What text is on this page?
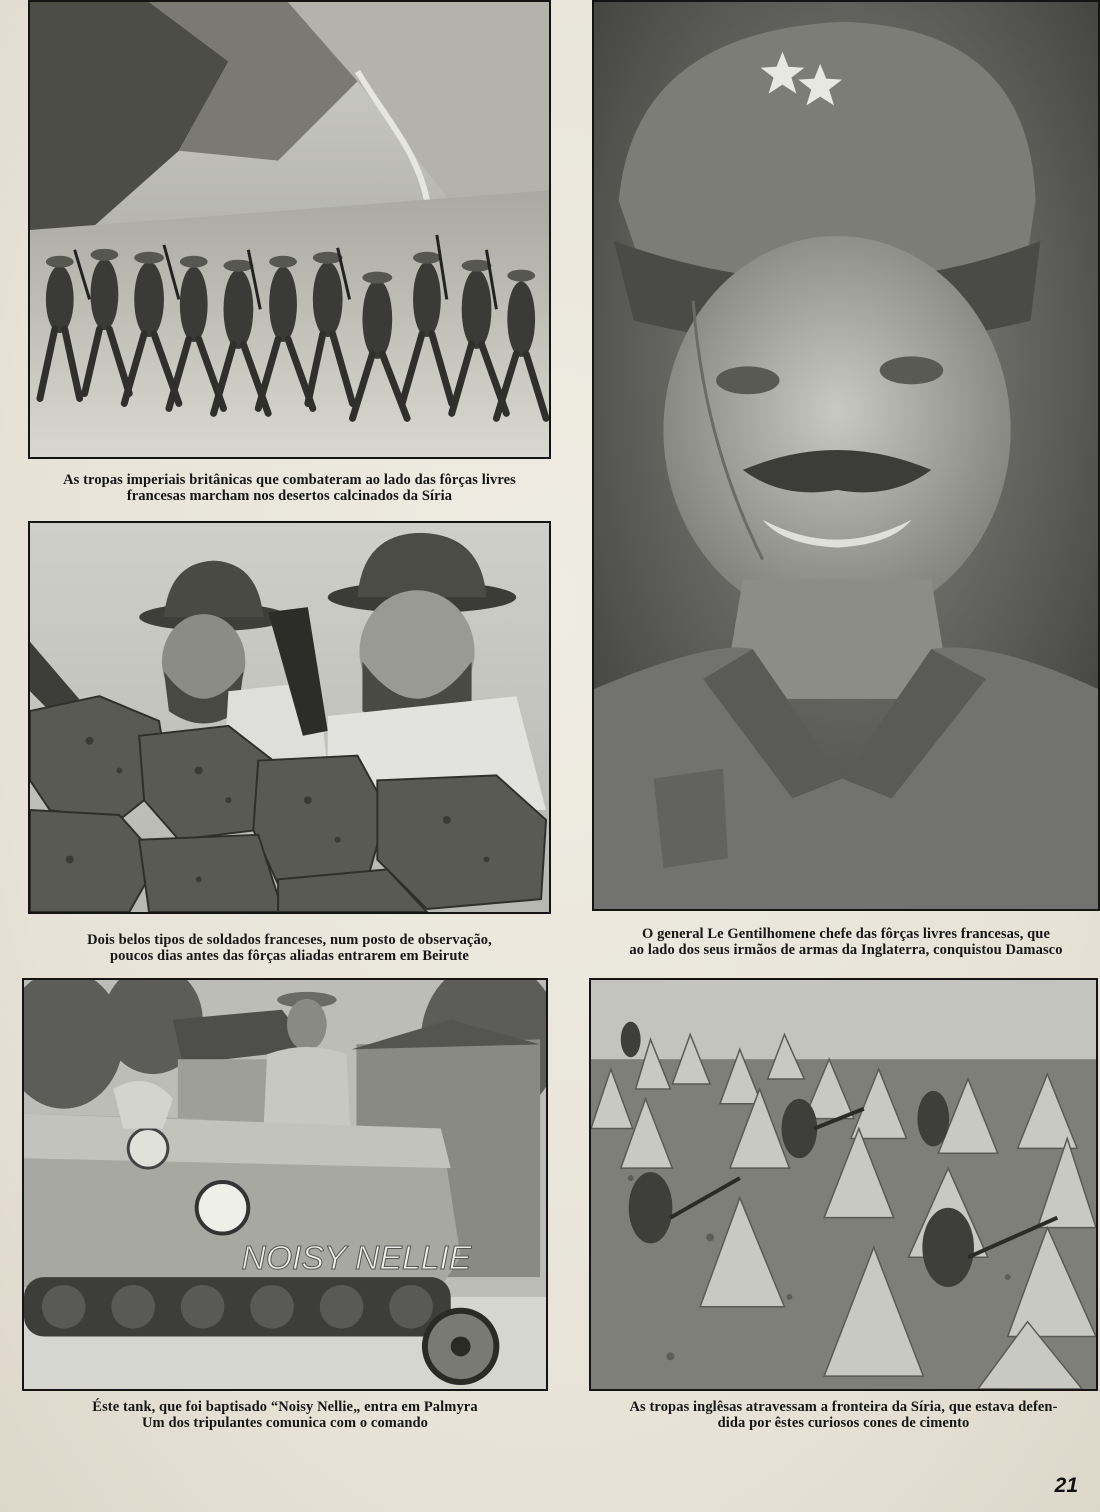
As tropas imperiais britânicas que combateram ao lado das fôrças livres
francesas marcham nos desertos calcinados da Síria
Dois belos tipos de soldados franceses, num posto de observação,
poucos dias antes das fôrças aliadas entrarem em Beirute
O general Le Gentilhomene chefe das fôrças livres francesas, que
ao lado dos seus irmãos de armas da Inglaterra, conquistou Damasco
NOISY NELLIE
Éste tank, que foi baptisado “Noisy Nellie„ entra em Palmyra
Um dos tripulantes comunica com o comando
As tropas inglêsas atravessam a fronteira da Síria, que estava defen-
dida por êstes curiosos cones de cimento
21
